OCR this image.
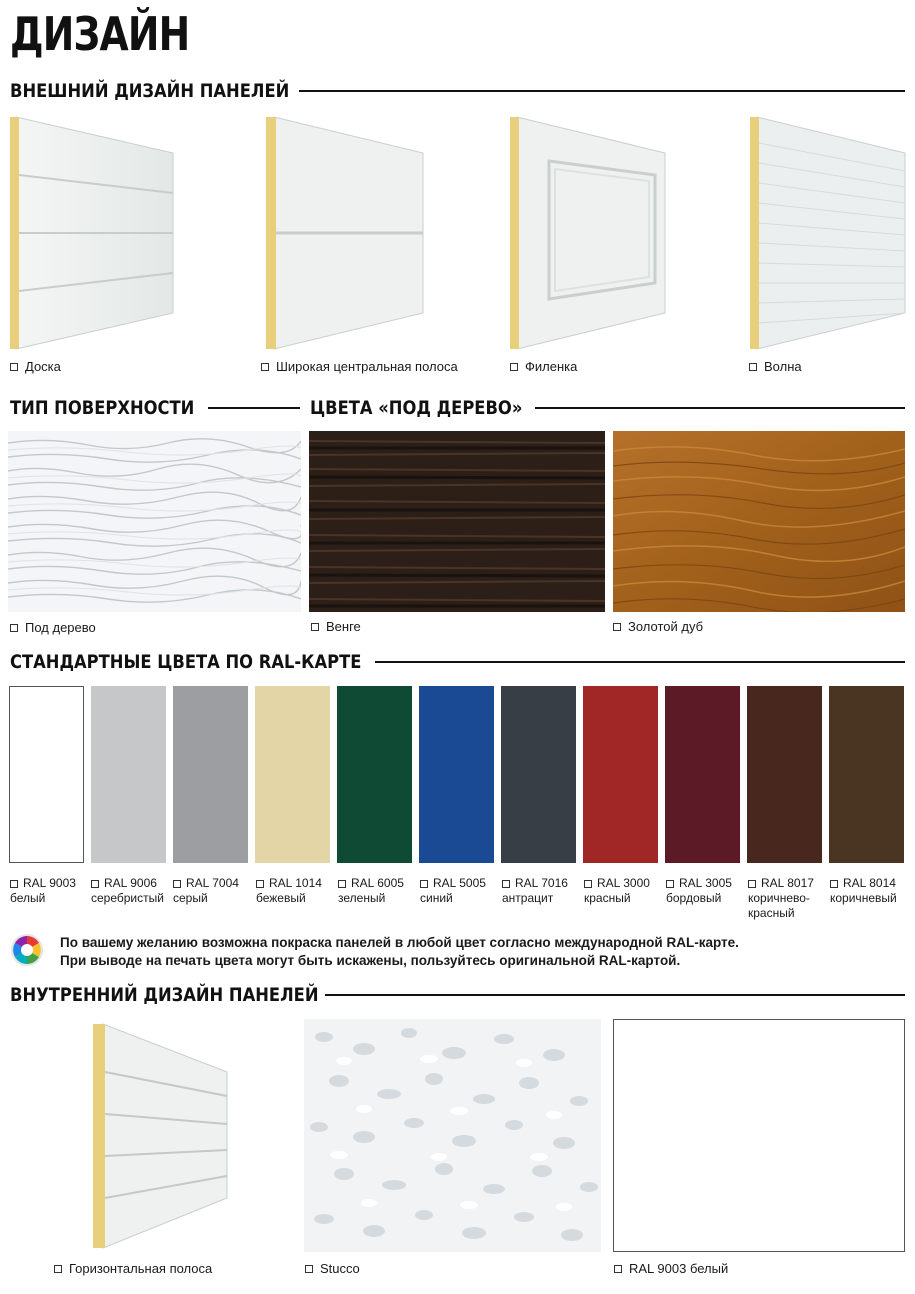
ДИЗАЙН
ВНЕШНИЙ ДИЗАЙН ПАНЕЛЕЙ
Доска	Широкая центральная полоса	Филенка	Волна
ТИП ПОВЕРХНОСТИ	ЦВЕТА «ПОД ДЕРЕВО»
Под дерево	Венге	Золотой дуб
СТАНДАРТНЫЕ ЦВЕТА ПО RAL-КАРТЕ
RAL 9003
белый
RAL 9006
серебристый
RAL 7004
серый
RAL 1014
бежевый
RAL 6005
зеленый
RAL 5005
синий
RAL 7016
антрацит
RAL 3000
красный
RAL 3005
бордовый
RAL 8017
коричнево-
красный
RAL 8014
коричневый
По вашему желанию возможна покраска панелей в любой цвет согласно международной RAL-карте.
При выводе на печать цвета могут быть искажены, пользуйтесь оригинальной RAL-картой.
ВНУТРЕННИЙ ДИЗАЙН ПАНЕЛЕЙ
Горизонтальная полоса	Stucco	RAL 9003 белый
